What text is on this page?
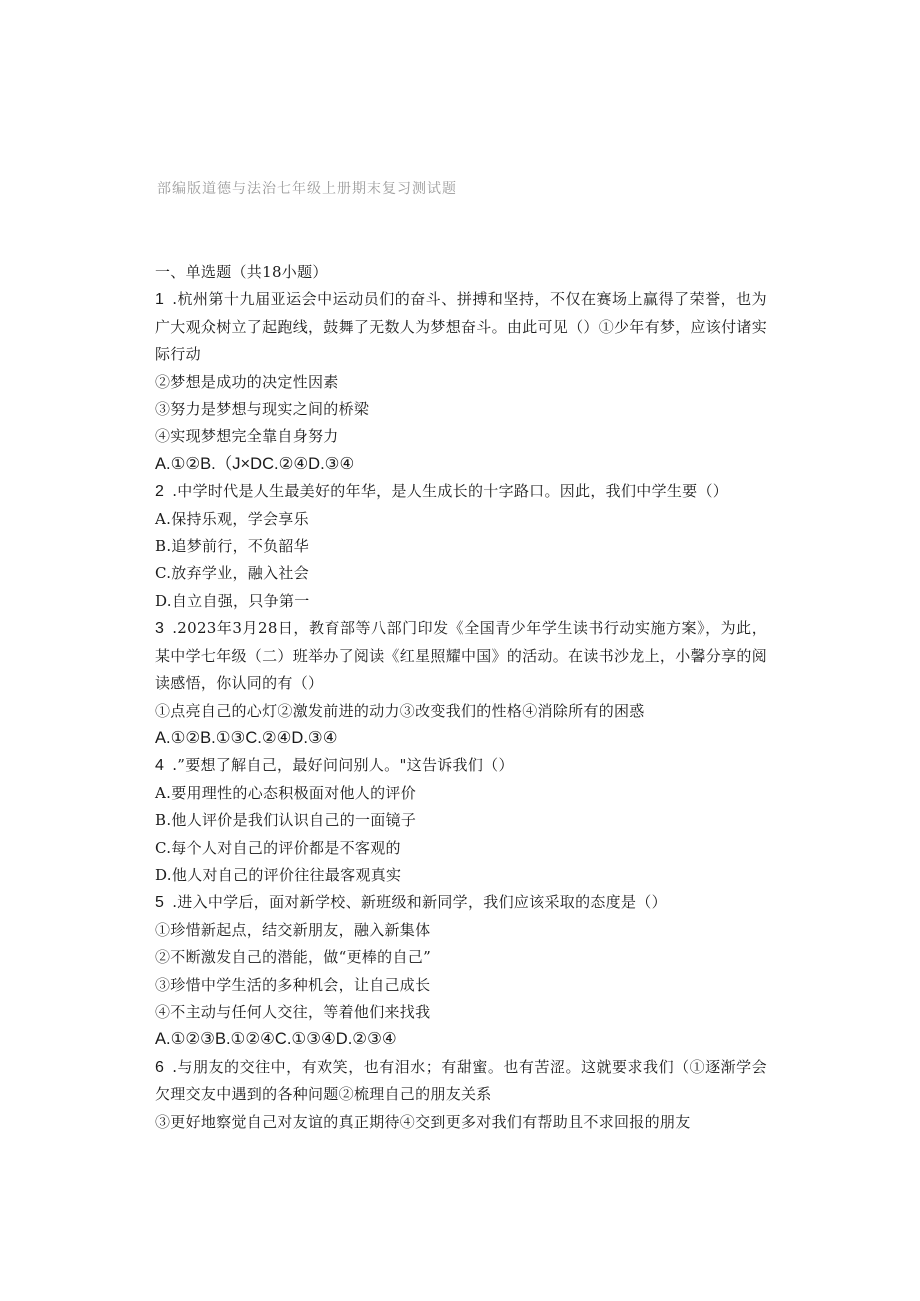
部编版道德与法治七年级上册期末复习测试题
一、单选题（共18小题）
1 .杭州第十九届亚运会中运动员们的奋斗、拼搏和坚持，不仅在赛场上赢得了荣誉，也为广大观众树立了起跑线，鼓舞了无数人为梦想奋斗。由此可见（）①少年有梦，应该付诸实际行动
②梦想是成功的决定性因素
③努力是梦想与现实之间的桥梁
④实现梦想完全靠自身努力
A.①②B.（J×DC.②④D.③④
2 .中学时代是人生最美好的年华，是人生成长的十字路口。因此，我们中学生要（）
A.保持乐观，学会享乐
B.追梦前行，不负韶华
C.放弃学业，融入社会
D.自立自强，只争第一
3 .2023年3月28日，教育部等八部门印发《全国青少年学生读书行动实施方案》，为此，某中学七年级（二）班举办了阅读《红星照耀中国》的活动。在读书沙龙上，小馨分享的阅读感悟，你认同的有（）
①点亮自己的心灯②激发前进的动力③改变我们的性格④消除所有的困惑
A.①②B.①③C.②④D.③④
4 .”要想了解自己，最好问问别人。"这告诉我们（）
A.要用理性的心态积极面对他人的评价
B.他人评价是我们认识自己的一面镜子
C.每个人对自己的评价都是不客观的
D.他人对自己的评价往往最客观真实
5 .进入中学后，面对新学校、新班级和新同学，我们应该采取的态度是（）
①珍惜新起点，结交新朋友，融入新集体
②不断激发自己的潜能，做“更棒的自己”
③珍惜中学生活的多种机会，让自己成长
④不主动与任何人交往，等着他们来找我
A.①②③B.①②④C.①③④D.②③④
6 .与朋友的交往中，有欢笑，也有泪水；有甜蜜。也有苦涩。这就要求我们（①逐渐学会欠理交友中遇到的各种问题②梳理自己的朋友关系
③更好地察觉自己对友谊的真正期待④交到更多对我们有帮助且不求回报的朋友
